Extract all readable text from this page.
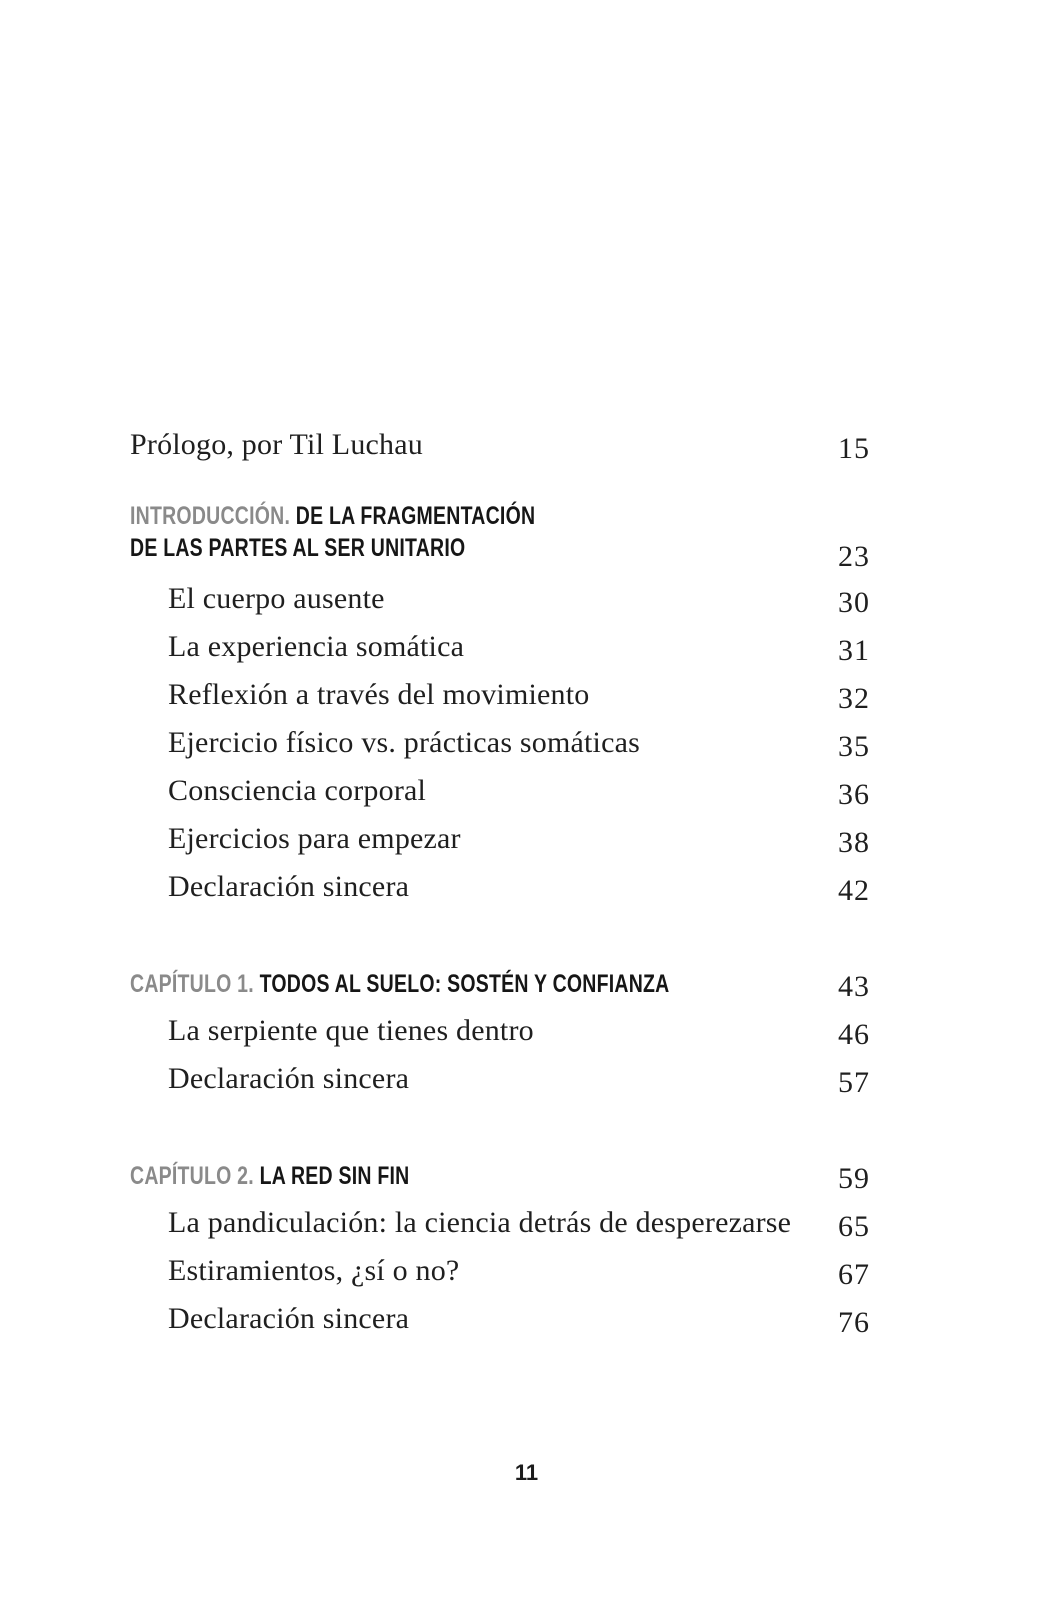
Prólogo, por Til Luchau	15
INTRODUCCIÓN. DE LA FRAGMENTACIÓN
DE LAS PARTES AL SER UNITARIO	23
El cuerpo ausente	30
La experiencia somática	31
Reflexión a través del movimiento	32
Ejercicio físico vs. prácticas somáticas	35
Consciencia corporal	36
Ejercicios para empezar	38
Declaración sincera	42
CAPÍTULO 1. TODOS AL SUELO: SOSTÉN Y CONFIANZA	43
La serpiente que tienes dentro	46
Declaración sincera	57
CAPÍTULO 2. LA RED SIN FIN	59
La pandiculación: la ciencia detrás de desperezarse 65
Estiramientos, ¿sí o no?	67
Declaración sincera	76
11
